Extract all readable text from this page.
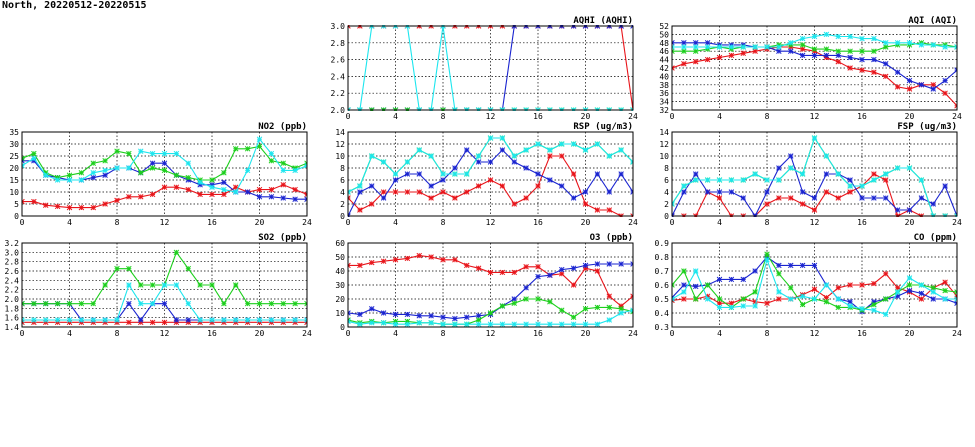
North, 20220512-20220515
NO2 (ppb)
0	4	8	12	16	20	24
0
5
10
15
20
25
30
35
SO2 (ppb)
0	4	8	12	16	20	24
1.4
1.6
1.8
2.0
2.2
2.4
2.6
2.8
3.0
3.2
AQHI (AQHI)
0	4	8	12	16	20	24
2.0
2.2
2.4
2.6
2.8
3.0
RSP (ug/m3)
0	4	8	12	16	20	24
0
2
4
6
8
10
12
14
O3 (ppb)
0	4	8	12	16	20	24
0
10
20
30
40
50
60
AQI (AQI)
0	4	8	12	16	20	24
32
34
36
38
40
42
44
46
48
50
52
FSP (ug/m3)
0	4	8	12	16	20	24
0
2
4
6
8
10
12
14
CO (ppm)
0	4	8	12	16	20	24
0.3
0.4
0.5
0.6
0.7
0.8
0.9
